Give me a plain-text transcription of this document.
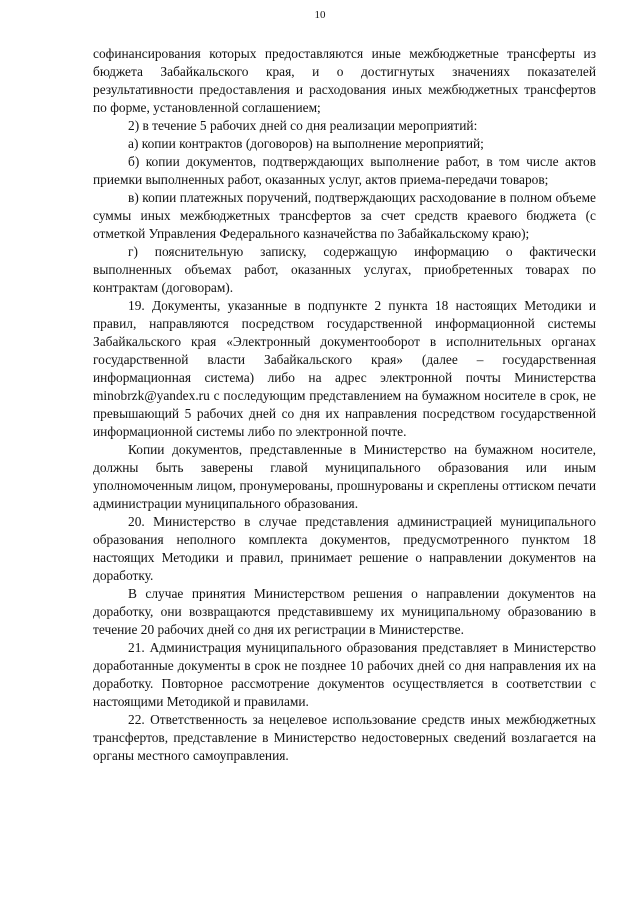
10

софинансирования которых предоставляются иные межбюджетные трансферты из бюджета Забайкальского края, и о достигнутых значениях показателей результативности предоставления и расходования иных межбюджетных трансфертов по форме, установленной соглашением;

2) в течение 5 рабочих дней со дня реализации мероприятий:

а) копии контрактов (договоров) на выполнение мероприятий;

б) копии документов, подтверждающих выполнение работ, в том числе актов приемки выполненных работ, оказанных услуг, актов приема-передачи товаров;

в) копии платежных поручений, подтверждающих расходование в полном объеме суммы иных межбюджетных трансфертов за счет средств краевого бюджета (с отметкой Управления Федерального казначейства по Забайкальскому краю);

г) пояснительную записку, содержащую информацию о фактически выполненных объемах работ, оказанных услугах, приобретенных товарах по контрактам (договорам).

19. Документы, указанные в подпункте 2 пункта 18 настоящих Методики и правил, направляются посредством государственной информационной системы Забайкальского края «Электронный документооборот в исполнительных органах государственной власти Забайкальского края» (далее – государственная информационная система) либо на адрес электронной почты Министерства minobrzk@yandex.ru с последующим представлением на бумажном носителе в срок, не превышающий 5 рабочих дней со дня их направления посредством государственной информационной системы либо по электронной почте.

Копии документов, представленные в Министерство на бумажном носителе, должны быть заверены главой муниципального образования или иным уполномоченным лицом, пронумерованы, прошнурованы и скреплены оттиском печати администрации муниципального образования.

20. Министерство в случае представления администрацией муниципального образования неполного комплекта документов, предусмотренного пунктом 18 настоящих Методики и правил, принимает решение о направлении документов на доработку.

В случае принятия Министерством решения о направлении документов на доработку, они возвращаются представившему их муниципальному образованию в течение 20 рабочих дней со дня их регистрации в Министерстве.

21. Администрация муниципального образования представляет в Министерство доработанные документы в срок не позднее 10 рабочих дней со дня направления их на доработку. Повторное рассмотрение документов осуществляется в соответствии с настоящими Методикой и правилами.

22. Ответственность за нецелевое использование средств иных межбюджетных трансфертов, представление в Министерство недостоверных сведений возлагается на органы местного самоуправления.
